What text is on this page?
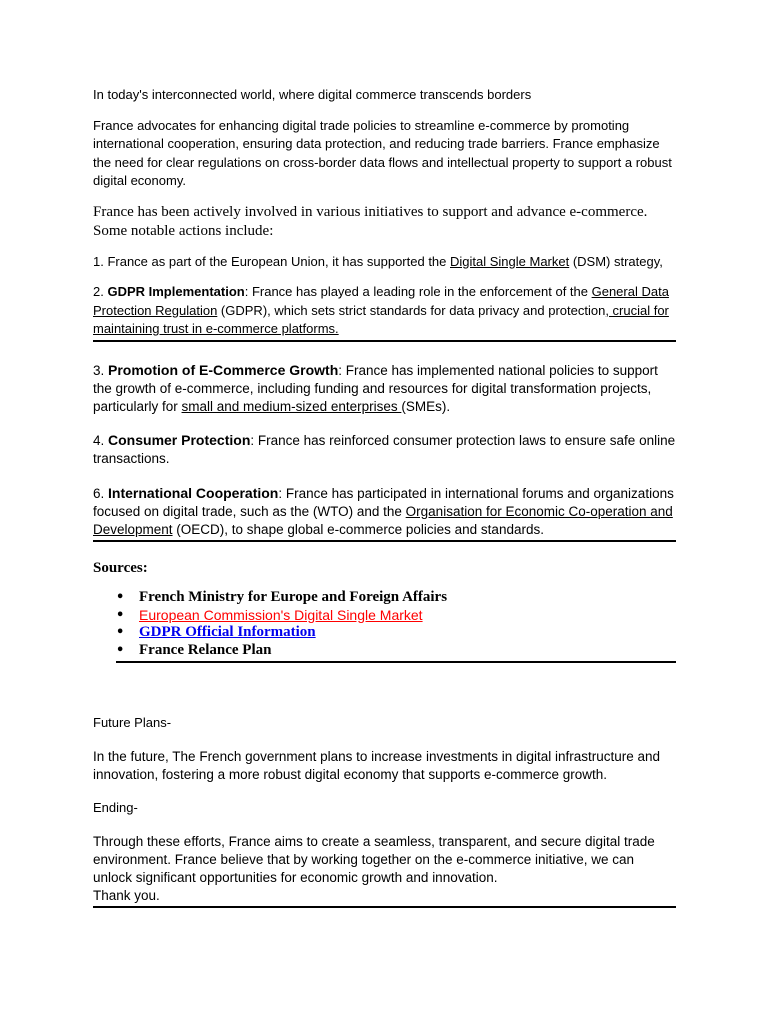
In today's interconnected world, where digital commerce transcends borders

France advocates for enhancing digital trade policies to streamline e-commerce by promoting international cooperation, ensuring data protection, and reducing trade barriers. France emphasize the need for clear regulations on cross-border data flows and intellectual property to support a robust digital economy.

France has been actively involved in various initiatives to support and advance e-commerce. Some notable actions include:

1. France as part of the European Union, it has supported the Digital Single Market (DSM) strategy,

2. GDPR Implementation: France has played a leading role in the enforcement of the General Data Protection Regulation (GDPR), which sets strict standards for data privacy and protection, crucial for maintaining trust in e-commerce platforms.

3. Promotion of E-Commerce Growth: France has implemented national policies to support the growth of e-commerce, including funding and resources for digital transformation projects, particularly for small and medium-sized enterprises (SMEs).

4. Consumer Protection: France has reinforced consumer protection laws to ensure safe online transactions.

6. International Cooperation: France has participated in international forums and organizations focused on digital trade, such as the (WTO) and the Organisation for Economic Co-operation and Development (OECD), to shape global e-commerce policies and standards.

Sources:

• French Ministry for Europe and Foreign Affairs
• European Commission's Digital Single Market
• GDPR Official Information
• France Relance Plan

Future Plans-

In the future, The French government plans to increase investments in digital infrastructure and innovation, fostering a more robust digital economy that supports e-commerce growth.

Ending-

Through these efforts, France aims to create a seamless, transparent, and secure digital trade environment. France believe that by working together on the e-commerce initiative, we can unlock significant opportunities for economic growth and innovation.

Thank you.
